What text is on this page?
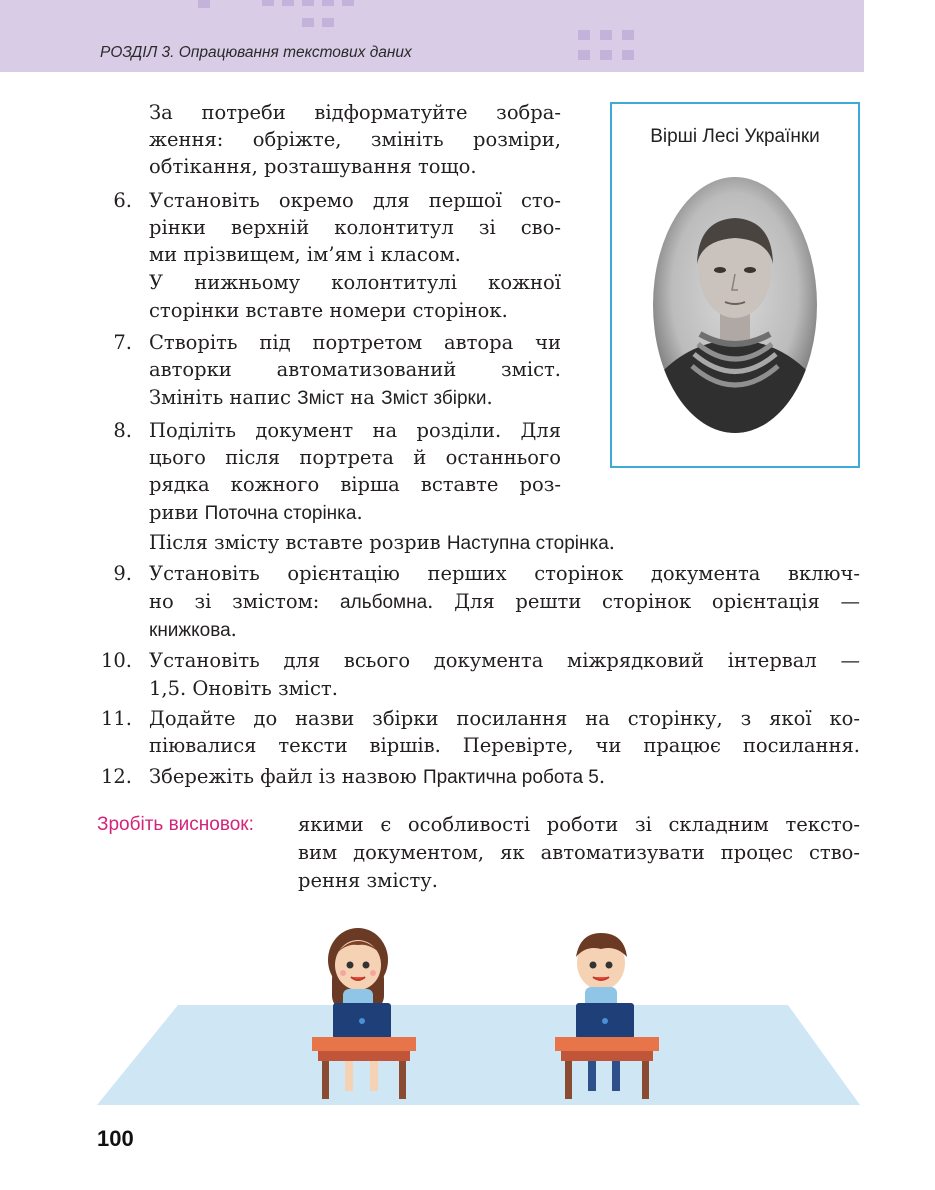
РОЗДІЛ 3. Опрацювання текстових даних
Вірші Лесі Українки
За потреби відформатуйте зобра-
ження: обріжте, змініть розміри,
обтікання, розташування тощо.
6. Установіть окремо для першої сто-
рінки верхній колонтитул зі сво-
ми прізвищем, ім’ям і класом.
У нижньому колонтитулі кожної
сторінки вставте номери сторінок.
7. Створіть під портретом автора чи
авторки автоматизований зміст.
Змініть напис Зміст на Зміст збірки.
8. Поділіть документ на розділи. Для
цього після портрета й останнього
рядка кожного вірша вставте роз-
риви Поточна сторінка.
Після змісту вставте розрив Наступна сторінка.
9. Установіть орієнтацію перших сторінок документа включ-
но зі змістом: альбомна. Для решти сторінок орієнтація —
книжкова.
10. Установіть для всього документа міжрядковий інтервал —
1,5. Оновіть зміст.
11. Додайте до назви збірки посилання на сторінку, з якої ко-
піювалися тексти віршів. Перевірте, чи працює посилання.
12. Збережіть файл із назвою Практична робота 5.
Зробіть висновок: якими є особливості роботи зі складним тексто-
вим документом, як автоматизувати процес ство-
рення змісту.
100
